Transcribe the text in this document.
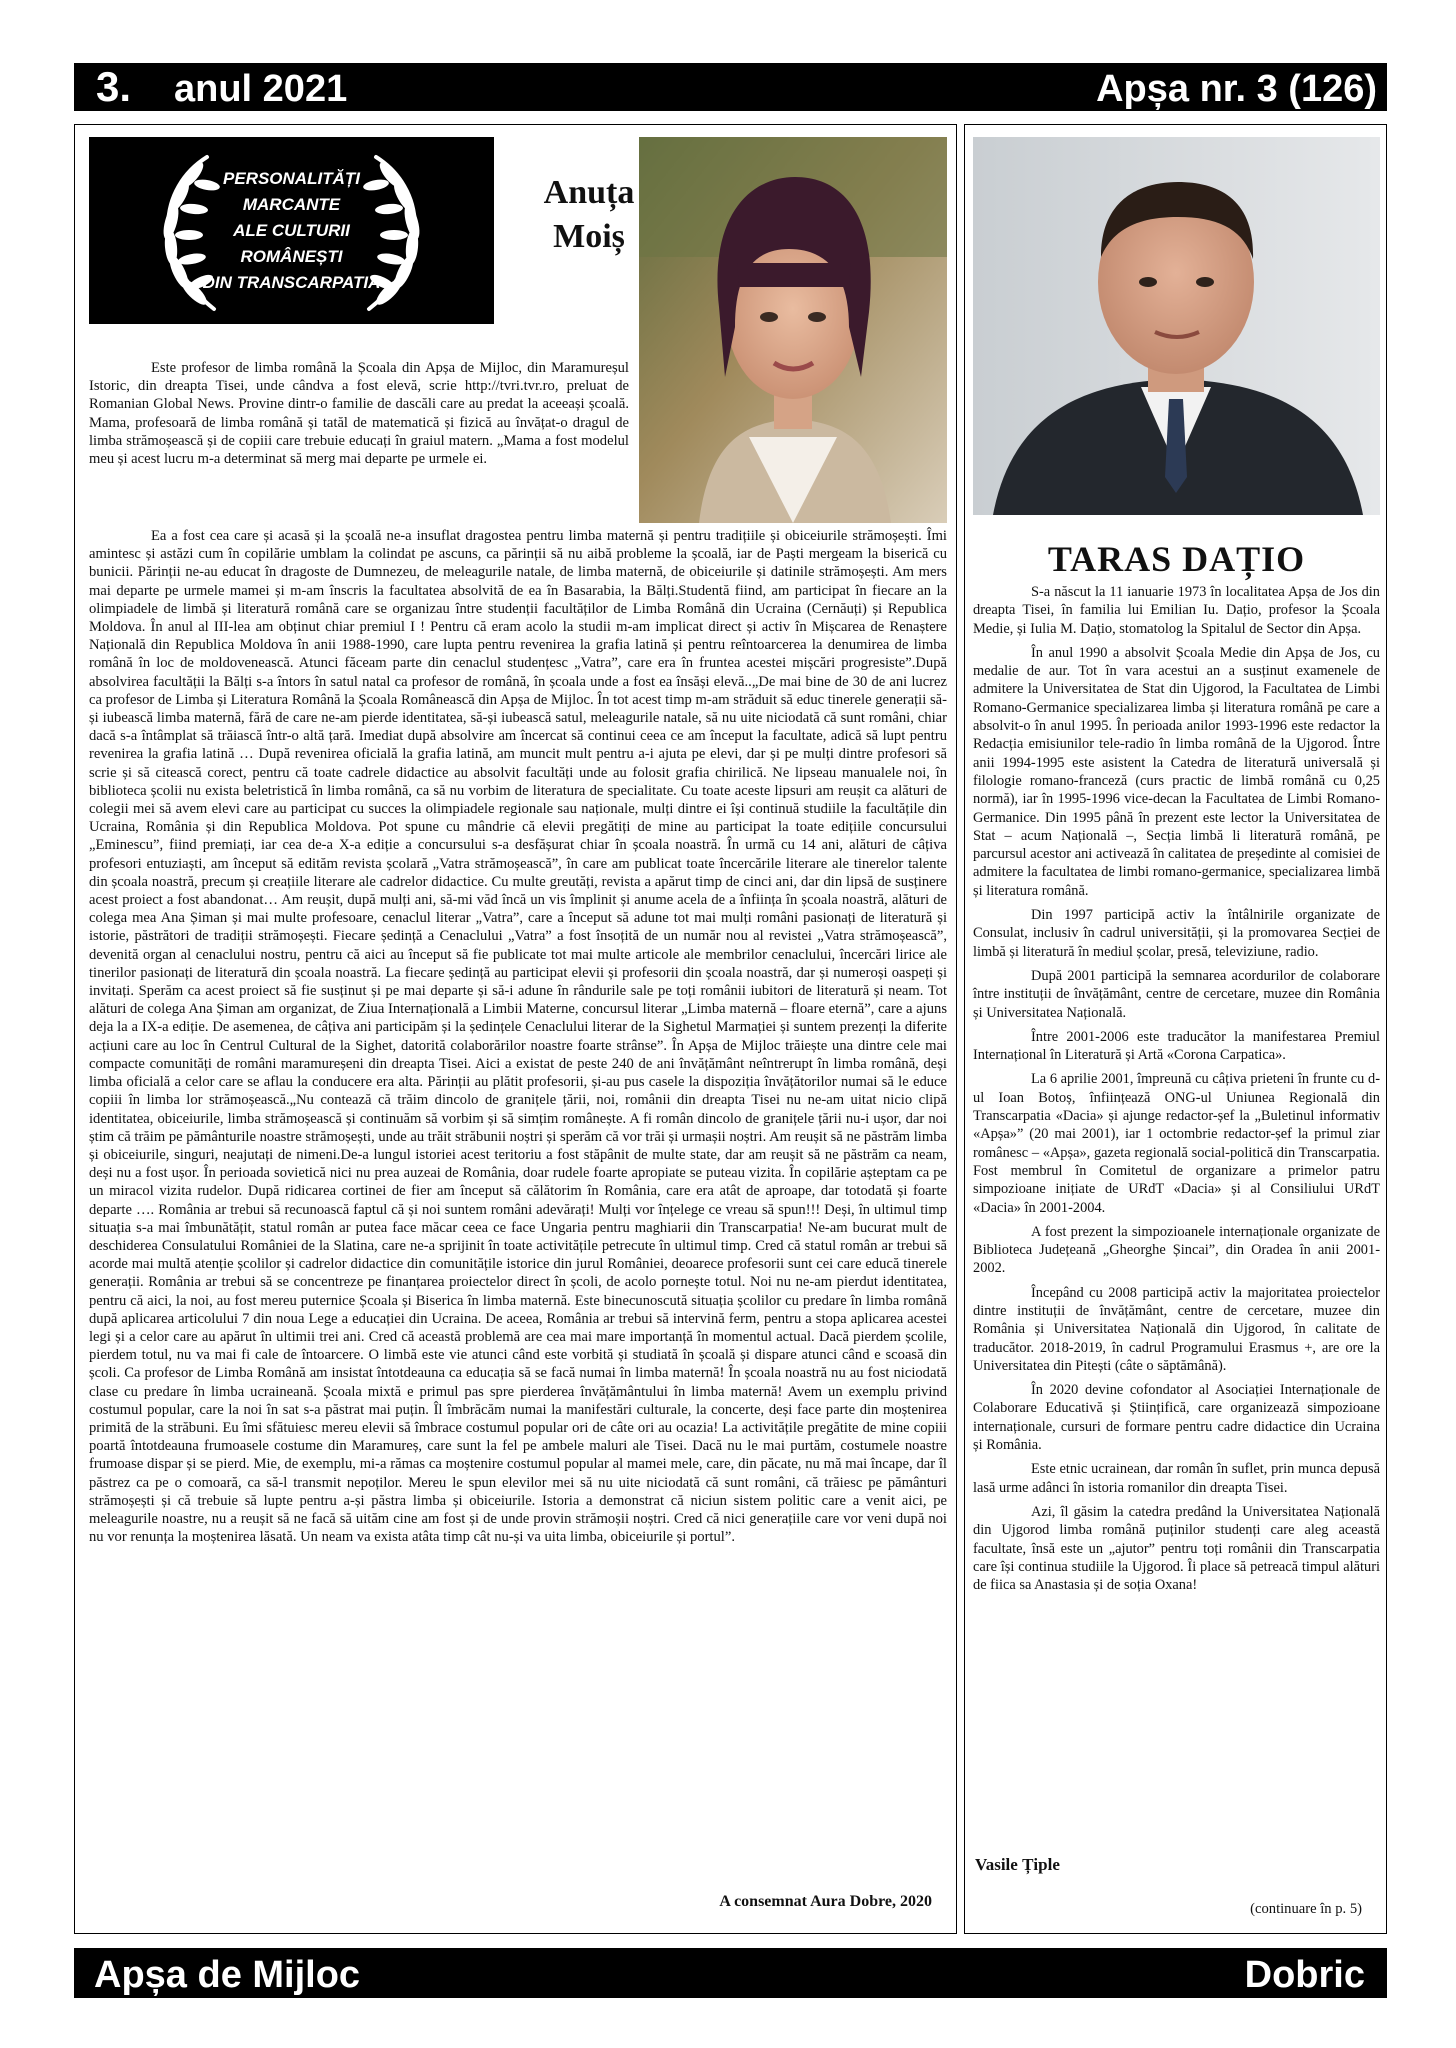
3. anul 2021	Apșa nr. 3 (126)
PERSONALITĂȚI
MARCANTE
ALE CULTURII
ROMÂNEȘTI
DIN TRANSCARPATIA
Anuța
Moiș

Este profesor de limba română la Școala din Apșa de Mijloc, din Maramureșul Istoric, din dreapta Tisei, unde cândva a fost elevă, scrie http://tvri.tvr.ro, preluat de Romanian Global News. Provine dintr-o familie de dascăli care au predat la aceeași școală. Mama, profesoară de limba română și tatăl de matematică și fizică au învățat-o dragul de limba strămoșească și de copiii care trebuie educați în graiul matern. „Mama a fost modelul meu și acest lucru m-a determinat să merg mai departe pe urmele ei.

Ea a fost cea care și acasă și la școală ne-a insuflat dragostea pentru limba maternă și pentru tradițiile și obiceiurile strămoșești. Îmi amintesc și astăzi cum în copilărie umblam la colindat pe ascuns, ca părinții să nu aibă probleme la școală, iar de Paști mergeam la biserică cu bunicii. Părinții ne-au educat în dragoste de Dumnezeu, de meleagurile natale, de limba maternă, de obiceiurile și datinile strămoșești. Am mers mai departe pe urmele mamei și m-am înscris la facultatea absolvită de ea în Basarabia, la Bălți.Studentă fiind, am participat în fiecare an la olimpiadele de limbă și literatură română care se organizau între studenții facultăților de Limba Română din Ucraina (Cernăuți) și Republica Moldova. În anul al III-lea am obținut chiar premiul I ! Pentru că eram acolo la studii m-am implicat direct și activ în Mișcarea de Renaștere Națională din Republica Moldova în anii 1988-1990, care lupta pentru revenirea la grafia latină și pentru reîntoarcerea la denumirea de limba română în loc de moldovenească. Atunci făceam parte din cenaclul studențesc „Vatra”, care era în fruntea acestei mișcări progresiste”.După absolvirea facultății la Bălți s-a întors în satul natal ca profesor de română, în școala unde a fost ea însăși elevă..„De mai bine de 30 de ani lucrez ca profesor de Limba și Literatura Română la Școala Românească din Apșa de Mijloc. În tot acest timp m-am străduit să educ tinerele generații să-și iubească limba maternă, fără de care ne-am pierde identitatea, să-și iubească satul, meleagurile natale, să nu uite niciodată că sunt români, chiar dacă s-a întâmplat să trăiască într-o altă țară. Imediat după absolvire am încercat să continui ceea ce am început la facultate, adică să lupt pentru revenirea la grafia latină … După revenirea oficială la grafia latină, am muncit mult pentru a-i ajuta pe elevi, dar și pe mulți dintre profesori să scrie și să citească corect, pentru că toate cadrele didactice au absolvit facultăți unde au folosit grafia chirilică. Ne lipseau manualele noi, în biblioteca școlii nu exista beletristică în limba română, ca să nu vorbim de literatura de specialitate. Cu toate aceste lipsuri am reușit ca alături de colegii mei să avem elevi care au participat cu succes la olimpiadele regionale sau naționale, mulți dintre ei își continuă studiile la facultățile din Ucraina, România și din Republica Moldova. Pot spune cu mândrie că elevii pregătiți de mine au participat la toate edițiile concursului „Eminescu”, fiind premiați, iar cea de-a X-a ediție a concursului s-a desfășurat chiar în școala noastră. În urmă cu 14 ani, alături de câțiva profesori entuziaști, am început să edităm revista școlară „Vatra strămoșească”, în care am publicat toate încercările literare ale tinerelor talente din școala noastră, precum și creațiile literare ale cadrelor didactice. Cu multe greutăți, revista a apărut timp de cinci ani, dar din lipsă de susținere acest proiect a fost abandonat… Am reușit, după mulți ani, să-mi văd încă un vis împlinit și anume acela de a înființa în școala noastră, alături de colega mea Ana Șiman și mai multe profesoare, cenaclul literar „Vatra”, care a început să adune tot mai mulți români pasionați de literatură și istorie, păstrători de tradiții strămoșești. Fiecare ședință a Cenaclului „Vatra” a fost însoțită de un număr nou al revistei „Vatra strămoșească”, devenită organ al cenaclului nostru, pentru că aici au început să fie publicate tot mai multe articole ale membrilor cenaclului, încercări lirice ale tinerilor pasionați de literatură din școala noastră. La fiecare ședință au participat elevii și profesorii din școala noastră, dar și numeroși oaspeți și invitați. Sperăm ca acest proiect să fie susținut și pe mai departe și să-i adune în rândurile sale pe toți românii iubitori de literatură și neam. Tot alături de colega Ana Șiman am organizat, de Ziua Internațională a Limbii Materne, concursul literar „Limba maternă – floare eternă”, care a ajuns deja la a IX-a ediție. De asemenea, de câțiva ani participăm și la ședințele Cenaclului literar de la Sighetul Marmației și suntem prezenți la diferite acțiuni care au loc în Centrul Cultural de la Sighet, datorită colaborărilor noastre foarte strânse”. În Apșa de Mijloc trăiește una dintre cele mai compacte comunități de români maramureșeni din dreapta Tisei. Aici a existat de peste 240 de ani învățământ neîntrerupt în limba română, deși limba oficială a celor care se aflau la conducere era alta. Părinții au plătit profesorii, și-au pus casele la dispoziția învățătorilor numai să le educe copiii în limba lor strămoșească.„Nu contează că trăim dincolo de granițele țării, noi, românii din dreapta Tisei nu ne-am uitat nicio clipă identitatea, obiceiurile, limba strămoșească și continuăm să vorbim și să simțim românește. A fi român dincolo de granițele țării nu-i ușor, dar noi știm că trăim pe pământurile noastre strămoșești, unde au trăit străbunii noștri și sperăm că vor trăi și urmașii noștri. Am reușit să ne păstrăm limba și obiceiurile, singuri, neajutați de nimeni.De-a lungul istoriei acest teritoriu a fost stăpânit de multe state, dar am reușit să ne păstrăm ca neam, deși nu a fost ușor. În perioada sovietică nici nu prea auzeai de România, doar rudele foarte apropiate se puteau vizita. În copilărie așteptam ca pe un miracol vizita rudelor. După ridicarea cortinei de fier am început să călătorim în România, care era atât de aproape, dar totodată și foarte departe …. România ar trebui să recunoască faptul că și noi suntem români adevărați! Mulți vor înțelege ce vreau să spun!!! Deși, în ultimul timp situația s-a mai îmbunătățit, statul român ar putea face măcar ceea ce face Ungaria pentru maghiarii din Transcarpatia! Ne-am bucurat mult de deschiderea Consulatului României de la Slatina, care ne-a sprijinit în toate activitățile petrecute în ultimul timp. Cred că statul român ar trebui să acorde mai multă atenție școlilor și cadrelor didactice din comunitățile istorice din jurul României, deoarece profesorii sunt cei care educă tinerele generații. România ar trebui să se concentreze pe finanțarea proiectelor direct în școli, de acolo pornește totul. Noi nu ne-am pierdut identitatea, pentru că aici, la noi, au fost mereu puternice Școala și Biserica în limba maternă. Este binecunoscută situația școlilor cu predare în limba română după aplicarea articolului 7 din noua Lege a educației din Ucraina. De aceea, România ar trebui să intervină ferm, pentru a stopa aplicarea acestei legi și a celor care au apărut în ultimii trei ani. Cred că această problemă are cea mai mare importanță în momentul actual. Dacă pierdem școlile, pierdem totul, nu va mai fi cale de întoarcere. O limbă este vie atunci când este vorbită și studiată în școală și dispare atunci când e scoasă din școli. Ca profesor de Limba Română am insistat întotdeauna ca educația să se facă numai în limba maternă! În școala noastră nu au fost niciodată clase cu predare în limba ucraineană. Școala mixtă e primul pas spre pierderea învățământului în limba maternă! Avem un exemplu privind costumul popular, care la noi în sat s-a păstrat mai puțin. Îl îmbrăcăm numai la manifestări culturale, la concerte, deși face parte din moștenirea primită de la străbuni. Eu îmi sfătuiesc mereu elevii să îmbrace costumul popular ori de câte ori au ocazia! La activitățile pregătite de mine copiii poartă întotdeauna frumoasele costume din Maramureș, care sunt la fel pe ambele maluri ale Tisei. Dacă nu le mai purtăm, costumele noastre frumoase dispar și se pierd. Mie, de exemplu, mi-a rămas ca moștenire costumul popular al mamei mele, care, din păcate, nu mă mai încape, dar îl păstrez ca pe o comoară, ca să-l transmit nepoților. Mereu le spun elevilor mei să nu uite niciodată că sunt români, că trăiesc pe pământuri strămoșești și că trebuie să lupte pentru a-și păstra limba și obiceiurile. Istoria a demonstrat că niciun sistem politic care a venit aici, pe meleagurile noastre, nu a reușit să ne facă să uităm cine am fost și de unde provin strămoșii noștri. Cred că nici generațiile care vor veni după noi nu vor renunța la moștenirea lăsată. Un neam va exista atâta timp cât nu-și va uita limba, obiceiurile și portul”.

A consemnat Aura Dobre, 2020
TARAS DAȚIO

S-a născut la 11 ianuarie 1973 în localitatea Apșa de Jos din dreapta Tisei, în familia lui Emilian Iu. Dațio, profesor la Școala Medie, și Iulia M. Dațio, stomatolog la Spitalul de Sector din Apșa.

În anul 1990 a absolvit Școala Medie din Apșa de Jos, cu medalie de aur. Tot în vara acestui an a susținut examenele de admitere la Universitatea de Stat din Ujgorod, la Facultatea de Limbi Romano-Germanice specializarea limba și literatura română pe care a absolvit-o în anul 1995. În perioada anilor 1993-1996 este redactor la Redacția emisiunilor tele-radio în limba română de la Ujgorod. Între anii 1994-1995 este asistent la Catedra de literatură universală și filologie romano-franceză (curs practic de limbă română cu 0,25 normă), iar în 1995-1996 vice-decan la Facultatea de Limbi Romano-Germanice. Din 1995 până în prezent este lector la Universitatea de Stat – acum Națională –, Secția limbă li literatură română, pe parcursul acestor ani activează în calitatea de președinte al comisiei de admitere la facultatea de limbi romano-germanice, specializarea limbă și literatura română.

Din 1997 participă activ la întâlnirile organizate de Consulat, inclusiv în cadrul universității, și la promovarea Secției de limbă și literatură în mediul școlar, presă, televiziune, radio.

După 2001 participă la semnarea acordurilor de colaborare între instituții de învățământ, centre de cercetare, muzee din România și Universitatea Națională.

Între 2001-2006 este traducător la manifestarea Premiul Internațional în Literatură și Artă «Corona Carpatica».

La 6 aprilie 2001, împreună cu câțiva prieteni în frunte cu d-ul Ioan Botoș, înființează ONG-ul Uniunea Regională din Transcarpatia «Dacia» și ajunge redactor-șef la „Buletinul informativ «Apșa»” (20 mai 2001), iar 1 octombrie redactor-șef la primul ziar românesc – «Apșa», gazeta regională social-politică din Transcarpatia. Fost membrul în Comitetul de organizare a primelor patru simpozioane inițiate de URdT «Dacia» și al Consiliului URdT «Dacia» în 2001-2004.

A fost prezent la simpozioanele internaționale organizate de Biblioteca Județeană „Gheorghe Șincai”, din Oradea în anii 2001-2002.

Începând cu 2008 participă activ la majoritatea proiectelor dintre instituții de învățământ, centre de cercetare, muzee din România și Universitatea Națională din Ujgorod, în calitate de traducător. 2018-2019, în cadrul Programului Erasmus +, are ore la Universitatea din Pitești (câte o săptămână).

În 2020 devine cofondator al Asociației Internaționale de Colaborare Educativă și Științifică, care organizează simpozioane internaționale, cursuri de formare pentru cadre didactice din Ucraina și România.

Este etnic ucrainean, dar român în suflet, prin munca depusă lasă urme adânci în istoria romanilor din dreapta Tisei.

Azi, îl găsim la catedra predând la Universitatea Națională din Ujgorod limba română puținilor studenți care aleg această facultate, însă este un „ajutor” pentru toți românii din Transcarpatia care își continua studiile la Ujgorod. Îi place să petreacă timpul alături de fiica sa Anastasia și de soția Oxana!

Vasile Țiple
(continuare în p. 5)
Apșa de Mijloc	Dobric
